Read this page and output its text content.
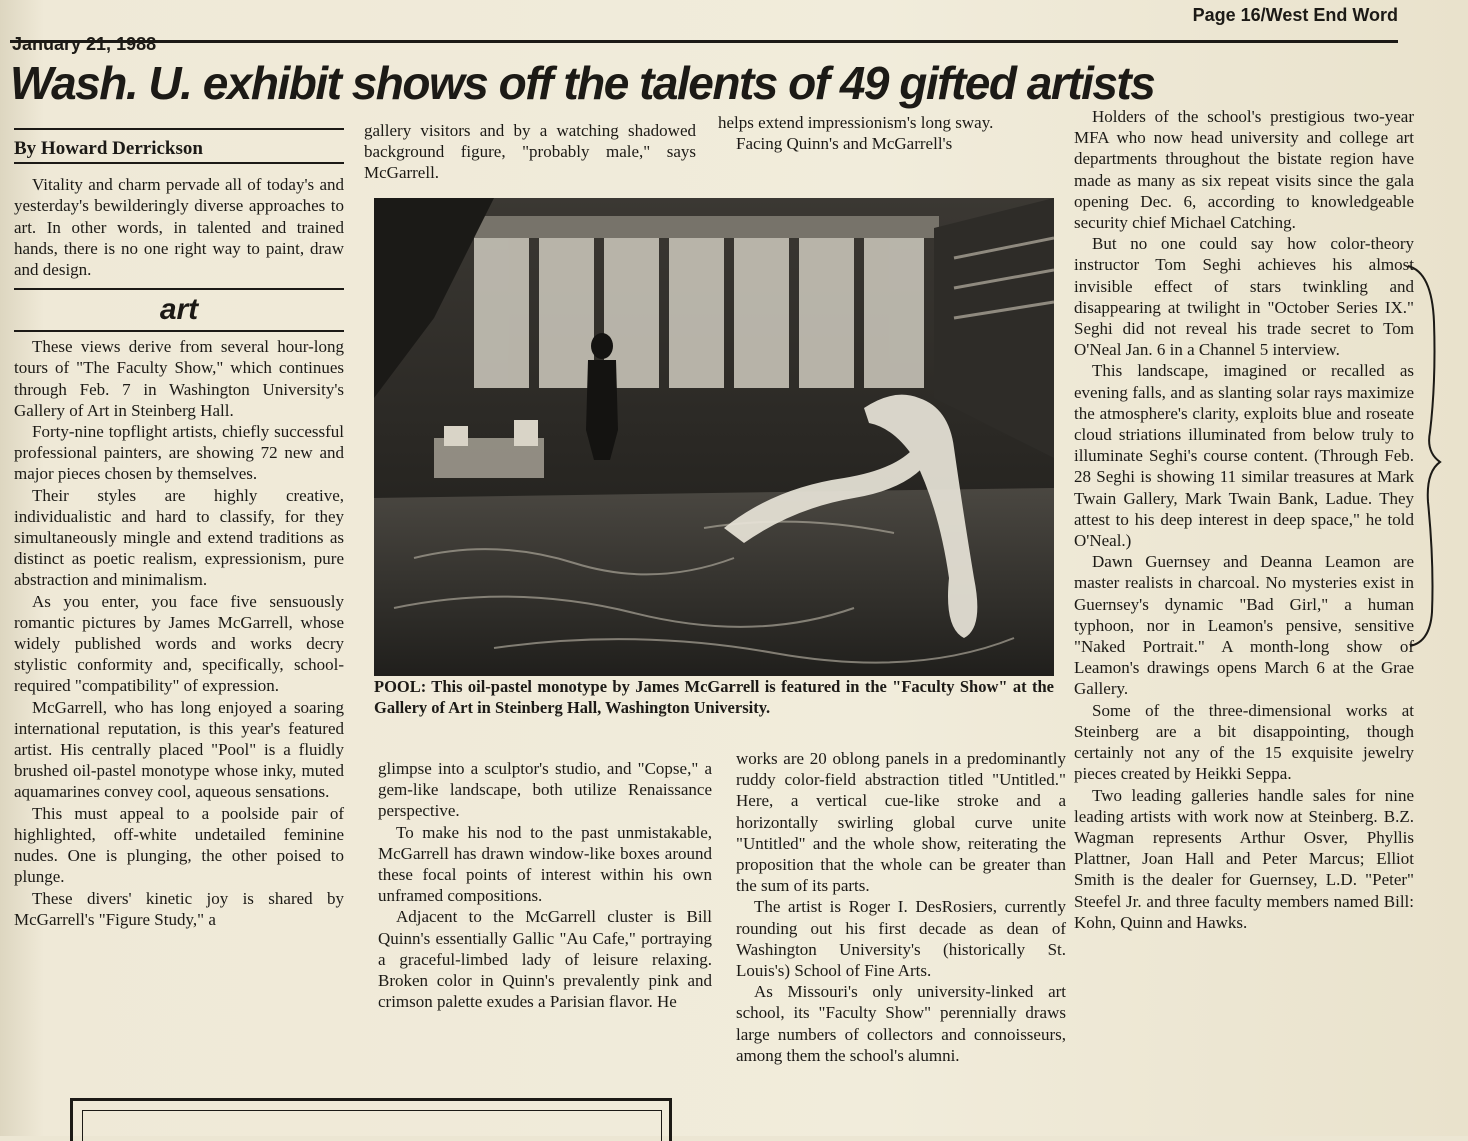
January 21, 1988
Page 16/West End Word
Wash. U. exhibit shows off the talents of 49 gifted artists
By Howard Derrickson

Vitality and charm pervade all of today's and yesterday's bewilderingly diverse approaches to art. In other words, in talented and trained hands, there is no one right way to paint, draw and design.

art

These views derive from several hour-long tours of "The Faculty Show," which continues through Feb. 7 in Washington University's Gallery of Art in Steinberg Hall.

Forty-nine topflight artists, chiefly successful professional painters, are showing 72 new and major pieces chosen by themselves.

Their styles are highly creative, individualistic and hard to classify, for they simultaneously mingle and extend traditions as distinct as poetic realism, expressionism, pure abstraction and minimalism.

As you enter, you face five sensuously romantic pictures by James McGarrell, whose widely published words and works decry stylistic conformity and, specifically, school-required "compatibility" of expression.

McGarrell, who has long enjoyed a soaring international reputation, is this year's featured artist. His centrally placed "Pool" is a fluidly brushed oil-pastel monotype whose inky, muted aquamarines convey cool, aqueous sensations.

This must appeal to a poolside pair of highlighted, off-white undetailed feminine nudes. One is plunging, the other poised to plunge.

These divers' kinetic joy is shared by McGarrell's "Figure Study," a

gallery visitors and by a watching shadowed background figure, "probably male," says McGarrell.

helps extend impressionism's long sway.

Facing Quinn's and McGarrell's

POOL: This oil-pastel monotype by James McGarrell is featured in the "Faculty Show" at the Gallery of Art in Steinberg Hall, Washington University.

glimpse into a sculptor's studio, and "Copse," a gem-like landscape, both utilize Renaissance perspective.

To make his nod to the past unmistakable, McGarrell has drawn window-like boxes around these focal points of interest within his own unframed compositions.

Adjacent to the McGarrell cluster is Bill Quinn's essentially Gallic "Au Cafe," portraying a graceful-limbed lady of leisure relaxing. Broken color in Quinn's prevalently pink and crimson palette exudes a Parisian flavor. He

works are 20 oblong panels in a predominantly ruddy color-field abstraction titled "Untitled." Here, a vertical cue-like stroke and a horizontally swirling global curve unite "Untitled" and the whole show, reiterating the proposition that the whole can be greater than the sum of its parts.

The artist is Roger I. DesRosiers, currently rounding out his first decade as dean of Washington University's (historically St. Louis's) School of Fine Arts.

As Missouri's only university-linked art school, its "Faculty Show" perennially draws large numbers of collectors and connoisseurs, among them the school's alumni.

Holders of the school's prestigious two-year MFA who now head university and college art departments throughout the bistate region have made as many as six repeat visits since the gala opening Dec. 6, according to knowledgeable security chief Michael Catching.

But no one could say how color-theory instructor Tom Seghi achieves his almost invisible effect of stars twinkling and disappearing at twilight in "October Series IX." Seghi did not reveal his trade secret to Tom O'Neal Jan. 6 in a Channel 5 interview.

This landscape, imagined or recalled as evening falls, and as slanting solar rays maximize the atmosphere's clarity, exploits blue and roseate cloud striations illuminated from below truly to illuminate Seghi's course content. (Through Feb. 28 Seghi is showing 11 similar treasures at Mark Twain Gallery, Mark Twain Bank, Ladue. They attest to his deep interest in deep space," he told O'Neal.)

Dawn Guernsey and Deanna Leamon are master realists in charcoal. No mysteries exist in Guernsey's dynamic "Bad Girl," a human typhoon, nor in Leamon's pensive, sensitive "Naked Portrait." A month-long show of Leamon's drawings opens March 6 at the Grae Gallery.

Some of the three-dimensional works at Steinberg are a bit disappointing, though certainly not any of the 15 exquisite jewelry pieces created by Heikki Seppa.

Two leading galleries handle sales for nine leading artists with work now at Steinberg. B.Z. Wagman represents Arthur Osver, Phyllis Plattner, Joan Hall and Peter Marcus; Elliot Smith is the dealer for Guernsey, L.D. "Peter" Steefel Jr. and three faculty members named Bill: Kohn, Quinn and Hawks.
